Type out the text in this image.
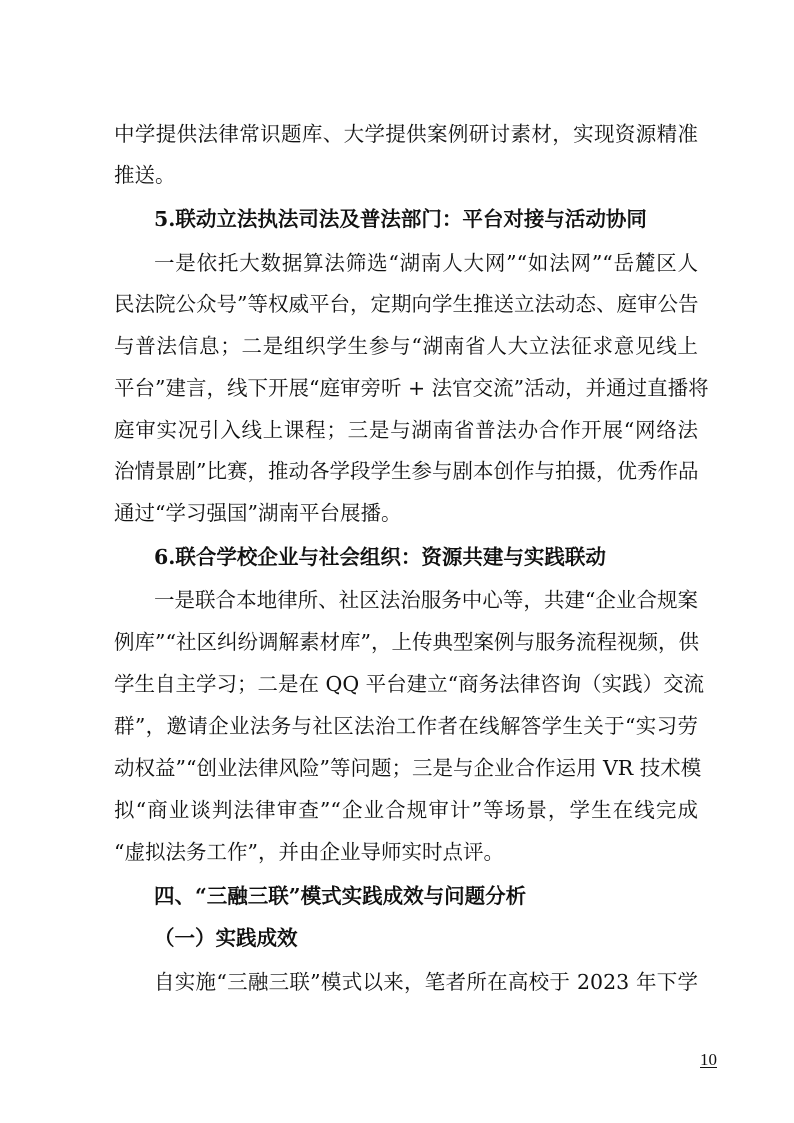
中学提供法律常识题库、大学提供案例研讨素材，实现资源精准
推送。
5.联动立法执法司法及普法部门：平台对接与活动协同
一是依托大数据算法筛选“湖南人大网”“如法网”“岳麓区人
民法院公众号”等权威平台，定期向学生推送立法动态、庭审公告
与普法信息；二是组织学生参与“湖南省人大立法征求意见线上
平台”建言，线下开展“庭审旁听 + 法官交流”活动，并通过直播将
庭审实况引入线上课程；三是与湖南省普法办合作开展“网络法
治情景剧”比赛，推动各学段学生参与剧本创作与拍摄，优秀作品
通过“学习强国”湖南平台展播。
6.联合学校企业与社会组织：资源共建与实践联动
一是联合本地律所、社区法治服务中心等，共建“企业合规案
例库”“社区纠纷调解素材库”，上传典型案例与服务流程视频，供
学生自主学习；二是在 QQ 平台建立“商务法律咨询（实践）交流
群”，邀请企业法务与社区法治工作者在线解答学生关于“实习劳
动权益”“创业法律风险”等问题；三是与企业合作运用 VR 技术模
拟“商业谈判法律审查”“企业合规审计”等场景，学生在线完成
“虚拟法务工作”，并由企业导师实时点评。
四、“三融三联”模式实践成效与问题分析
（一）实践成效
自实施“三融三联”模式以来，笔者所在高校于 2023 年下学
10
